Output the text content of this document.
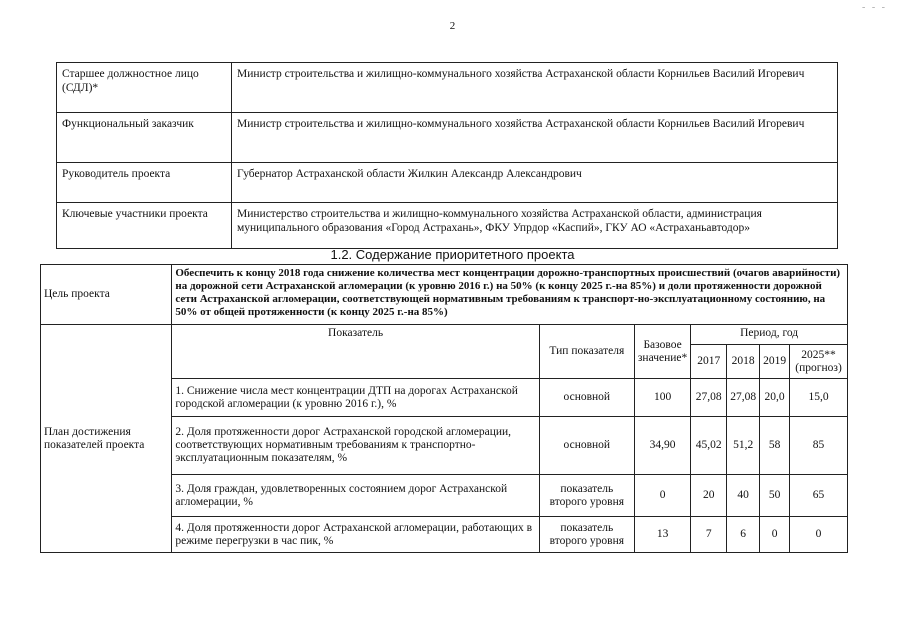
2
- - -
Старшее должностное лицо (СДЛ)*	Министр строительства и жилищно-коммунального хозяйства Астраханской области Корнильев Василий Игоревич
Функциональный заказчик	Министр строительства и жилищно-коммунального хозяйства Астраханской области Корнильев Василий Игоревич
Руководитель проекта	Губернатор Астраханской области Жилкин Александр Александрович
Ключевые участники проекта	Министерство строительства и жилищно-коммунального хозяйства Астраханской области, администрация муниципального образования «Город Астрахань», ФКУ Упрдор «Каспий», ГКУ АО «Астраханьавтодор»
1.2. Содержание приоритетного проекта
Цель проекта	Обеспечить к концу 2018 года снижение количества мест концентрации дорожно-транспортных происшествий (очагов аварийности) на дорожной сети Астраханской агломерации (к уровню 2016 г.) на 50% (к концу 2025 г.-на 85%) и доли протяженности дорожной сети Астраханской агломерации, соответствующей нормативным требованиям к транспорт-но-эксплуатационному состоянию, на 50% от общей протяженности (к концу 2025 г.-на 85%)						
План достижения показателей проекта	Показатель	Тип показателя	Базовое значение*	Период, год			
				2017	2018	2019	2025** (прогноз)
	1. Снижение числа мест концентрации ДТП на дорогах Астраханской городской агломерации (к уровню 2016 г.), %	основной	100	27,08	27,08	20,0	15,0
	2. Доля протяженности дорог Астраханской городской агломерации, соответствующих нормативным требованиям к транспортно-эксплуатационным показателям, %	основной	34,90	45,02	51,2	58	85
	3. Доля граждан, удовлетворенных состоянием дорог Астраханской агломерации, %	показатель второго уровня	0	20	40	50	65
	4. Доля протяженности дорог Астраханской агломерации, работающих в режиме перегрузки в час пик, %	показатель второго уровня	13	7	6	0	0
